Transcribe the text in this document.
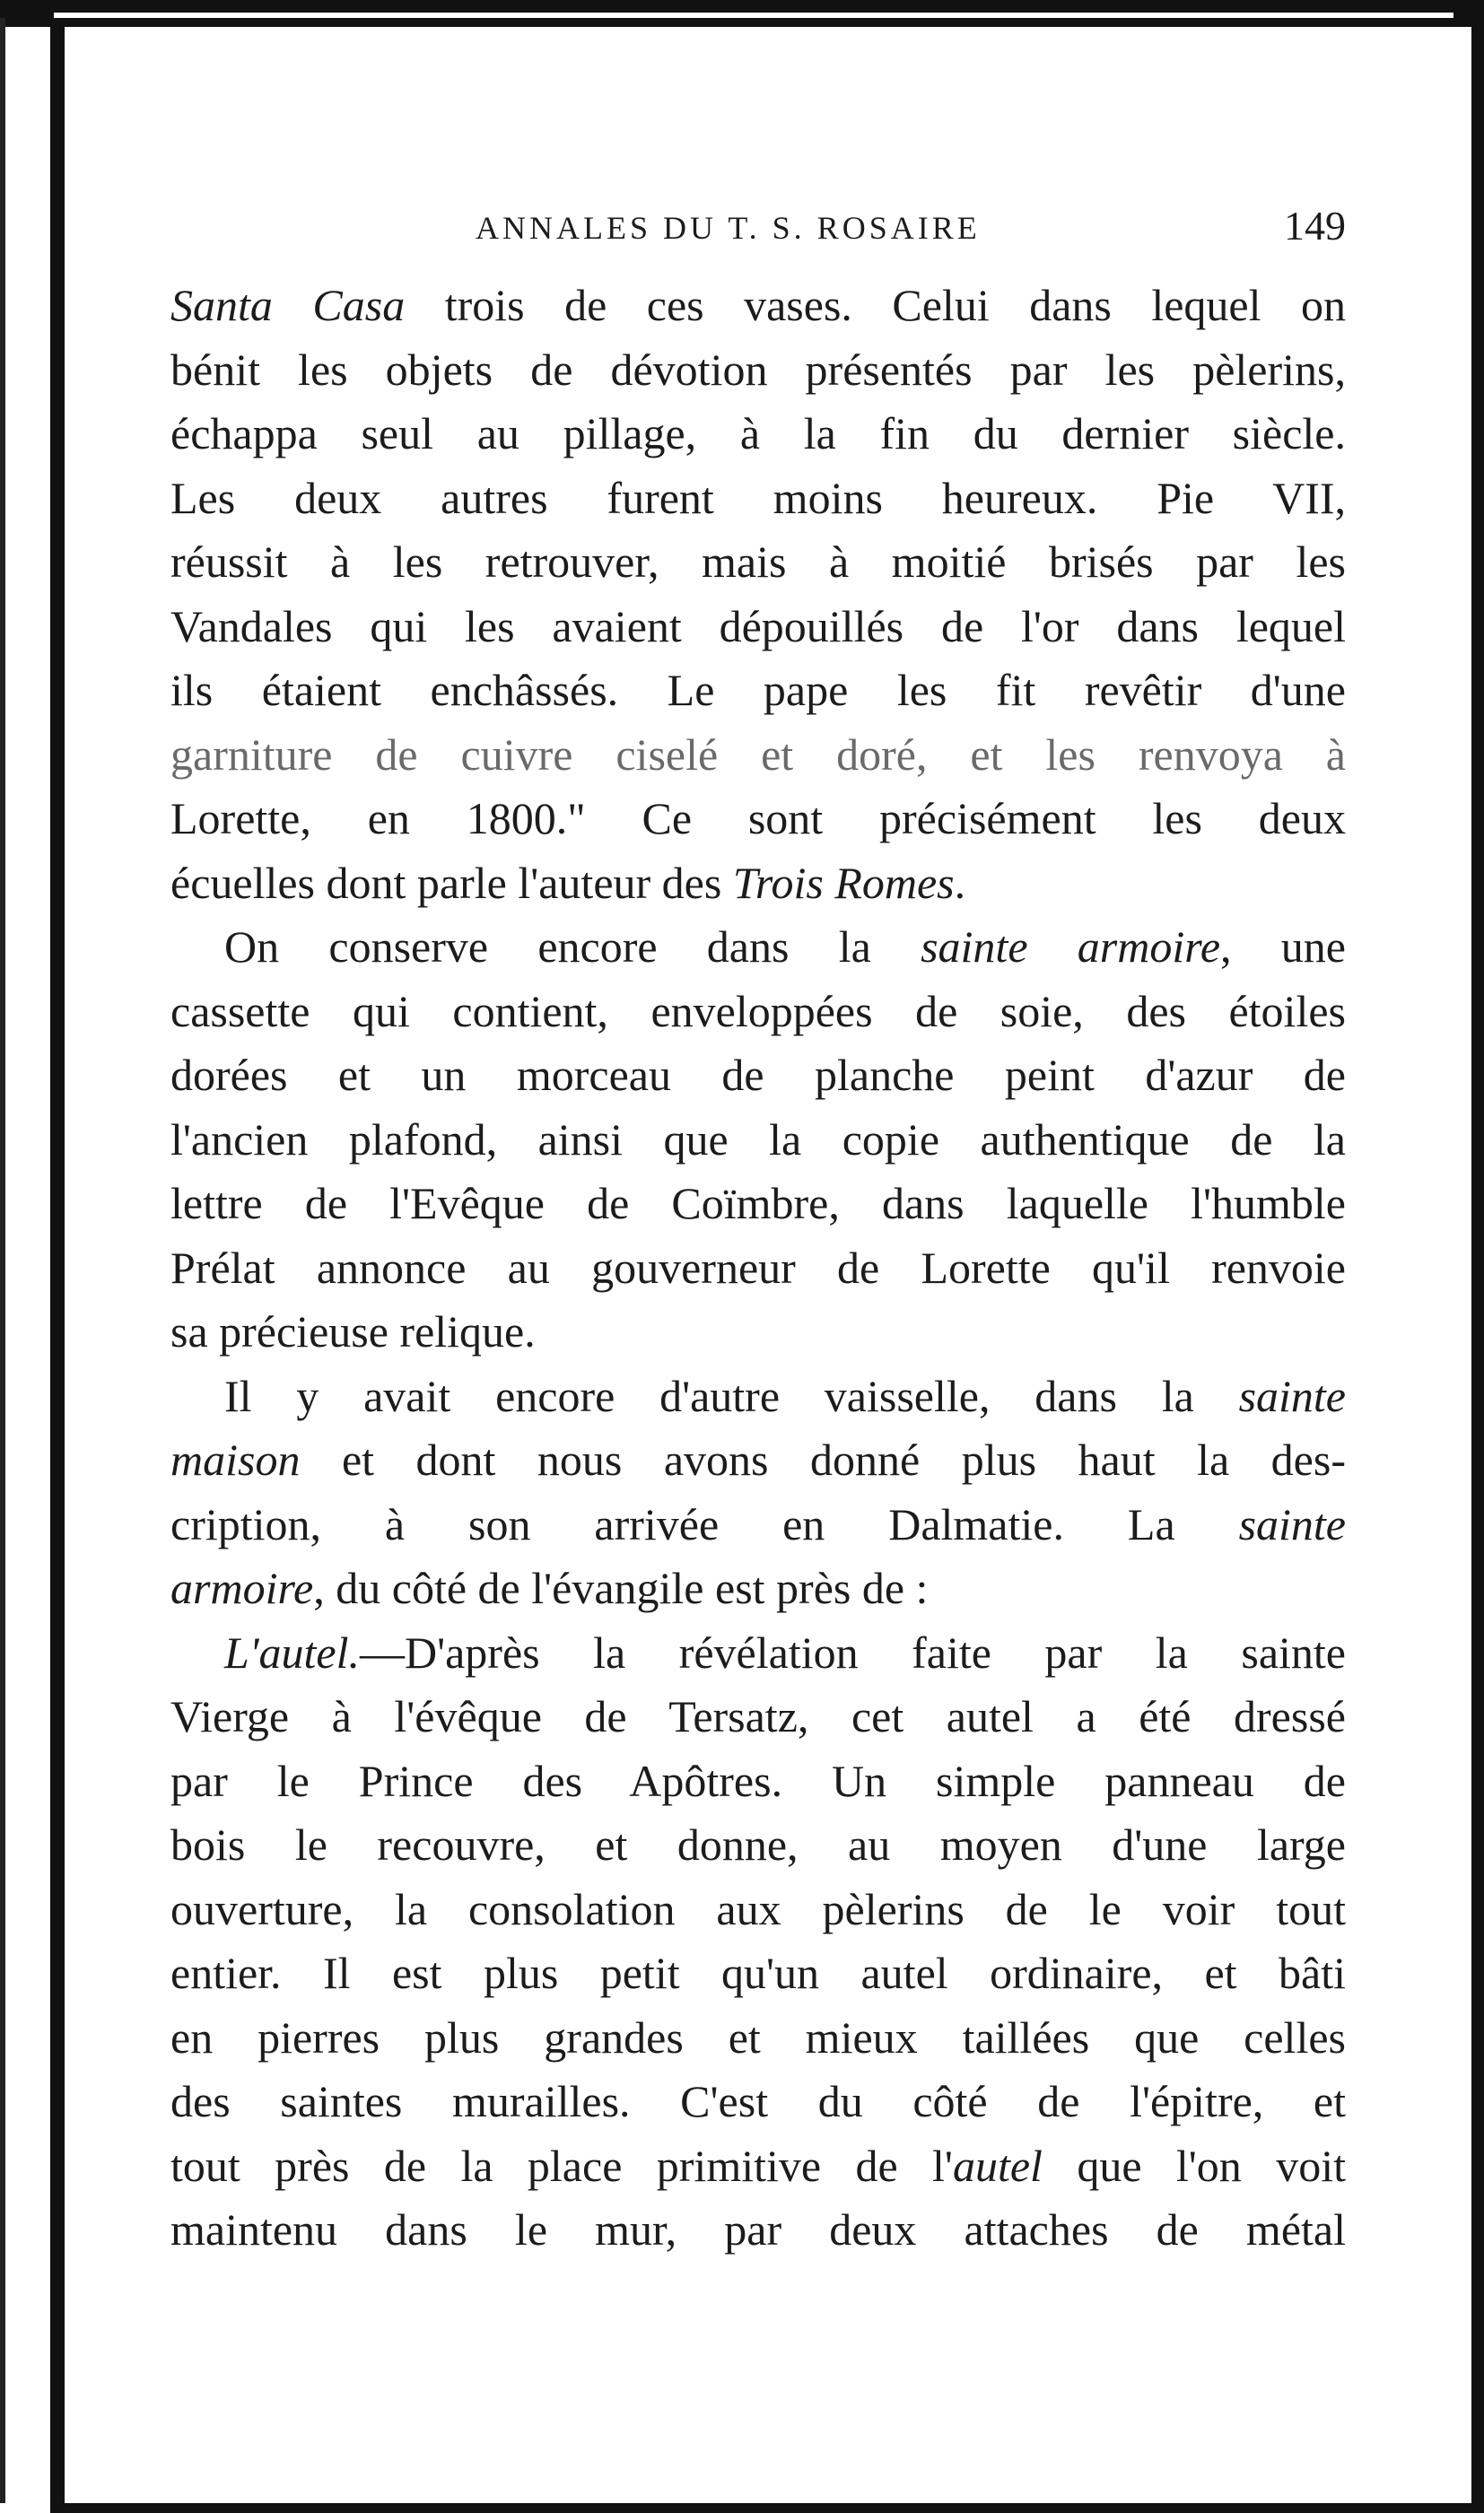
ANNALES DU T. S. ROSAIRE	149
Santa Casa trois de ces vases. Celui dans lequel on
bénit les objets de dévotion présentés par les pèlerins,
échappa seul au pillage, à la fin du dernier siècle.
Les deux autres furent moins heureux. Pie VII,
réussit à les retrouver, mais à moitié brisés par les
Vandales qui les avaient dépouillés de l'or dans lequel
ils étaient enchâssés. Le pape les fit revêtir d'une
garniture de cuivre ciselé et doré, et les renvoya à
Lorette, en 1800." Ce sont précisément les deux
écuelles dont parle l'auteur des Trois Romes.
On conserve encore dans la sainte armoire, une
cassette qui contient, enveloppées de soie, des étoiles
dorées et un morceau de planche peint d'azur de
l'ancien plafond, ainsi que la copie authentique de la
lettre de l'Evêque de Coïmbre, dans laquelle l'humble
Prélat annonce au gouverneur de Lorette qu'il renvoie
sa précieuse relique.
Il y avait encore d'autre vaisselle, dans la sainte
maison et dont nous avons donné plus haut la des-
cription, à son arrivée en Dalmatie. La sainte
armoire, du côté de l'évangile est près de :
L'autel.—D'après la révélation faite par la sainte
Vierge à l'évêque de Tersatz, cet autel a été dressé
par le Prince des Apôtres. Un simple panneau de
bois le recouvre, et donne, au moyen d'une large
ouverture, la consolation aux pèlerins de le voir tout
entier. Il est plus petit qu'un autel ordinaire, et bâti
en pierres plus grandes et mieux taillées que celles
des saintes murailles. C'est du côté de l'épitre, et
tout près de la place primitive de l'autel que l'on voit
maintenu dans le mur, par deux attaches de métal
